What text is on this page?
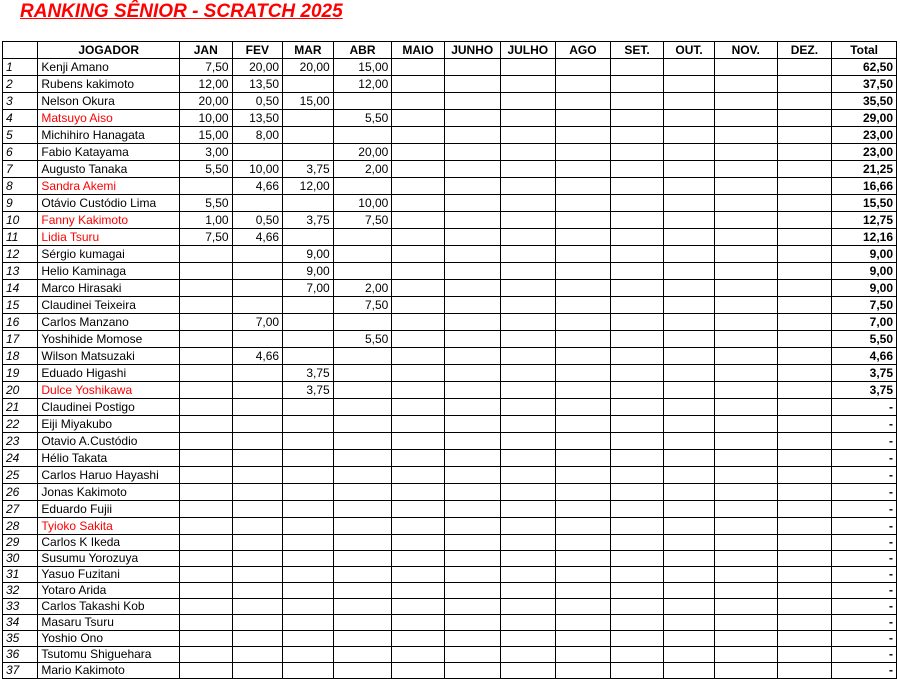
RANKING SÊNIOR - SCRATCH 2025
	JOGADOR	JAN	FEV	MAR	ABR	MAIO	JUNHO	JULHO	AGO	SET.	OUT.	NOV.	DEZ.	Total
1	Kenji Amano	7,50	20,00	20,00	15,00									62,50
2	Rubens kakimoto	12,00	13,50		12,00									37,50
3	Nelson Okura	20,00	0,50	15,00										35,50
4	Matsuyo Aiso	10,00	13,50		5,50									29,00
5	Michihiro Hanagata	15,00	8,00											23,00
6	Fabio Katayama	3,00			20,00									23,00
7	Augusto Tanaka	5,50	10,00	3,75	2,00									21,25
8	Sandra Akemi		4,66	12,00										16,66
9	Otávio Custódio Lima	5,50			10,00									15,50
10	Fanny Kakimoto	1,00	0,50	3,75	7,50									12,75
11	Lidia Tsuru	7,50	4,66											12,16
12	Sérgio kumagai			9,00										9,00
13	Helio Kaminaga			9,00										9,00
14	Marco Hirasaki			7,00	2,00									9,00
15	Claudinei Teixeira				7,50									7,50
16	Carlos Manzano		7,00											7,00
17	Yoshihide Momose				5,50									5,50
18	Wilson Matsuzaki		4,66											4,66
19	Eduado Higashi			3,75										3,75
20	Dulce Yoshikawa			3,75										3,75
21	Claudinei Postigo													-
22	Eiji Miyakubo													-
23	Otavio A.Custódio													-
24	Hélio Takata													-
25	Carlos Haruo Hayashi													-
26	Jonas Kakimoto													-
27	Eduardo Fujii													-
28	Tyioko Sakita													-
29	Carlos K Ikeda													-
30	Susumu Yorozuya													-
31	Yasuo Fuzitani													-
32	Yotaro Arida													-
33	Carlos Takashi Kob													-
34	Masaru Tsuru													-
35	Yoshio Ono													-
36	Tsutomu Shiguehara													-
37	Mario Kakimoto													-
